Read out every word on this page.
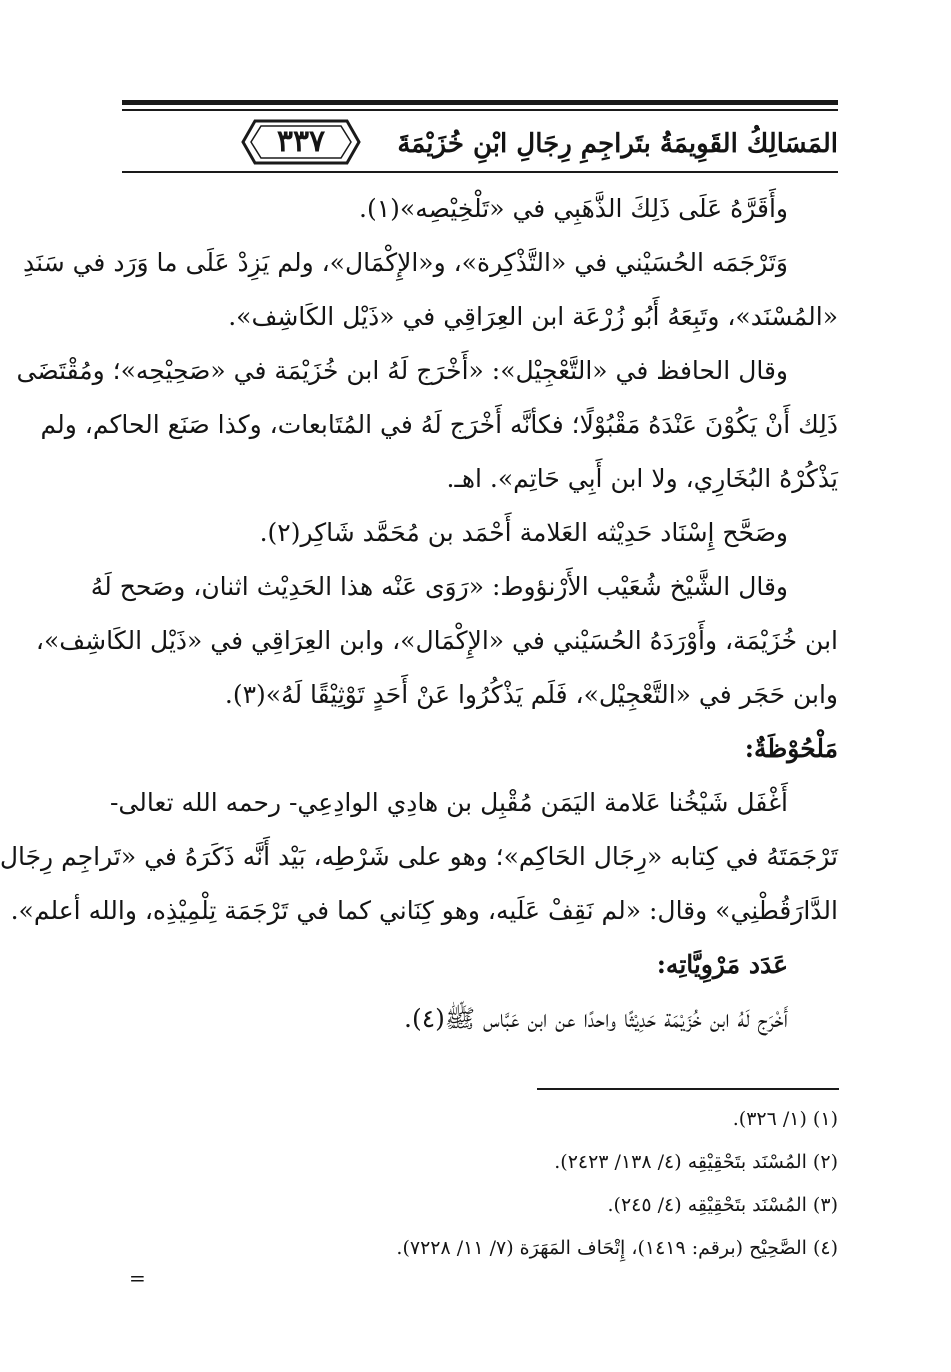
المَسَالِكُ القَوِيمَةُ بتَراجِمِ رِجَالِ ابْنِ خُزَيْمَةَ
٣٣٧

وأَقَرَّهُ عَلَى ذَلِكَ الذَّهَبِي في «تَلْخِيْصِه»(١).

وَتَرْجَمَه الحُسَيْني في «التَّذْكِرة»، و«الإِكْمَال»، ولم يَزِدْ عَلَى ما وَرَد في سَنَدِ

«المُسْنَد»، وتَبِعَهُ أَبُو زُرْعَة ابن العِرَاقِي في «ذَيْل الكَاشِف».

وقال الحافظ في «التَّعْجِيْل»: «أَخْرَج لَهُ ابن خُزَيْمَة في «صَحِيْحِه»؛ ومُقْتَضَى

ذَلِك أَنْ يَكُوْنَ عَنْدَهُ مَقْبُوْلًا؛ فكأنَّه أَخْرَج لَهُ في المُتَابعات، وكذا صَنَع الحاكم، ولم

يَذْكُرْهُ البُخَارِي، ولا ابن أَبِي حَاتِم». اهـ.

وصَحَّح إِسْنَاد حَدِيْثه العَلامة أَحْمَد بن مُحَمَّد شَاكِر(٢).

وقال الشَّيْخ شُعَيْب الأَرْنؤوط: «رَوَى عَنْه هذا الحَدِيْث اثنان، وصَحح لَهُ

ابن خُزَيْمَة، وأَوْرَدَهُ الحُسَيْني في «الإِكْمَال»، وابن العِرَاقِي في «ذَيْل الكَاشِف»،

وابن حَجَر في «التَّعْجِيْل»، فَلَم يَذْكُرُوا عَنْ أَحَدٍ تَوْثِيْقًا لَهُ»(٣).

مَلْحُوْظَةٌ:

أَغْفَل شَيْخُنا عَلامة اليَمَن مُقْبِل بن هادِي الوادِعِي- رحمه الله تعالى-

تَرْجَمَتَهُ في كِتابه «رِجَال الحَاكِم»؛ وهو على شَرْطِه، بَيْد أَنَّه ذَكَرَهُ في «تَراجِم رِجَال

الدَّارَقُطْنِي» وقال: «لم نَقِفْ عَلَيه، وهو كِنَاني كما في تَرْجَمَة تِلْمِيْذِه، والله أعلم».

عَدَد مَرْوِيَّاتِه:

أَخْرَج لَهُ ابن خُزَيْمَة حَدِيْثًا واحدًا عن ابن عَبَّاس ﷺ(٤).

(١) (١/ ٣٢٦).

(٢) المُسْنَد بتَحْقِيْقِه (٤/ ١٣٨/ ٢٤٢٣).

(٣) المُسْنَد بتَحْقِيْقِه (٤/ ٢٤٥).

(٤) الصَّحِيْح (برقم: ١٤١٩)، إِتْحَاف المَهَرَة (٧/ ١١/ ٧٢٢٨).

=
